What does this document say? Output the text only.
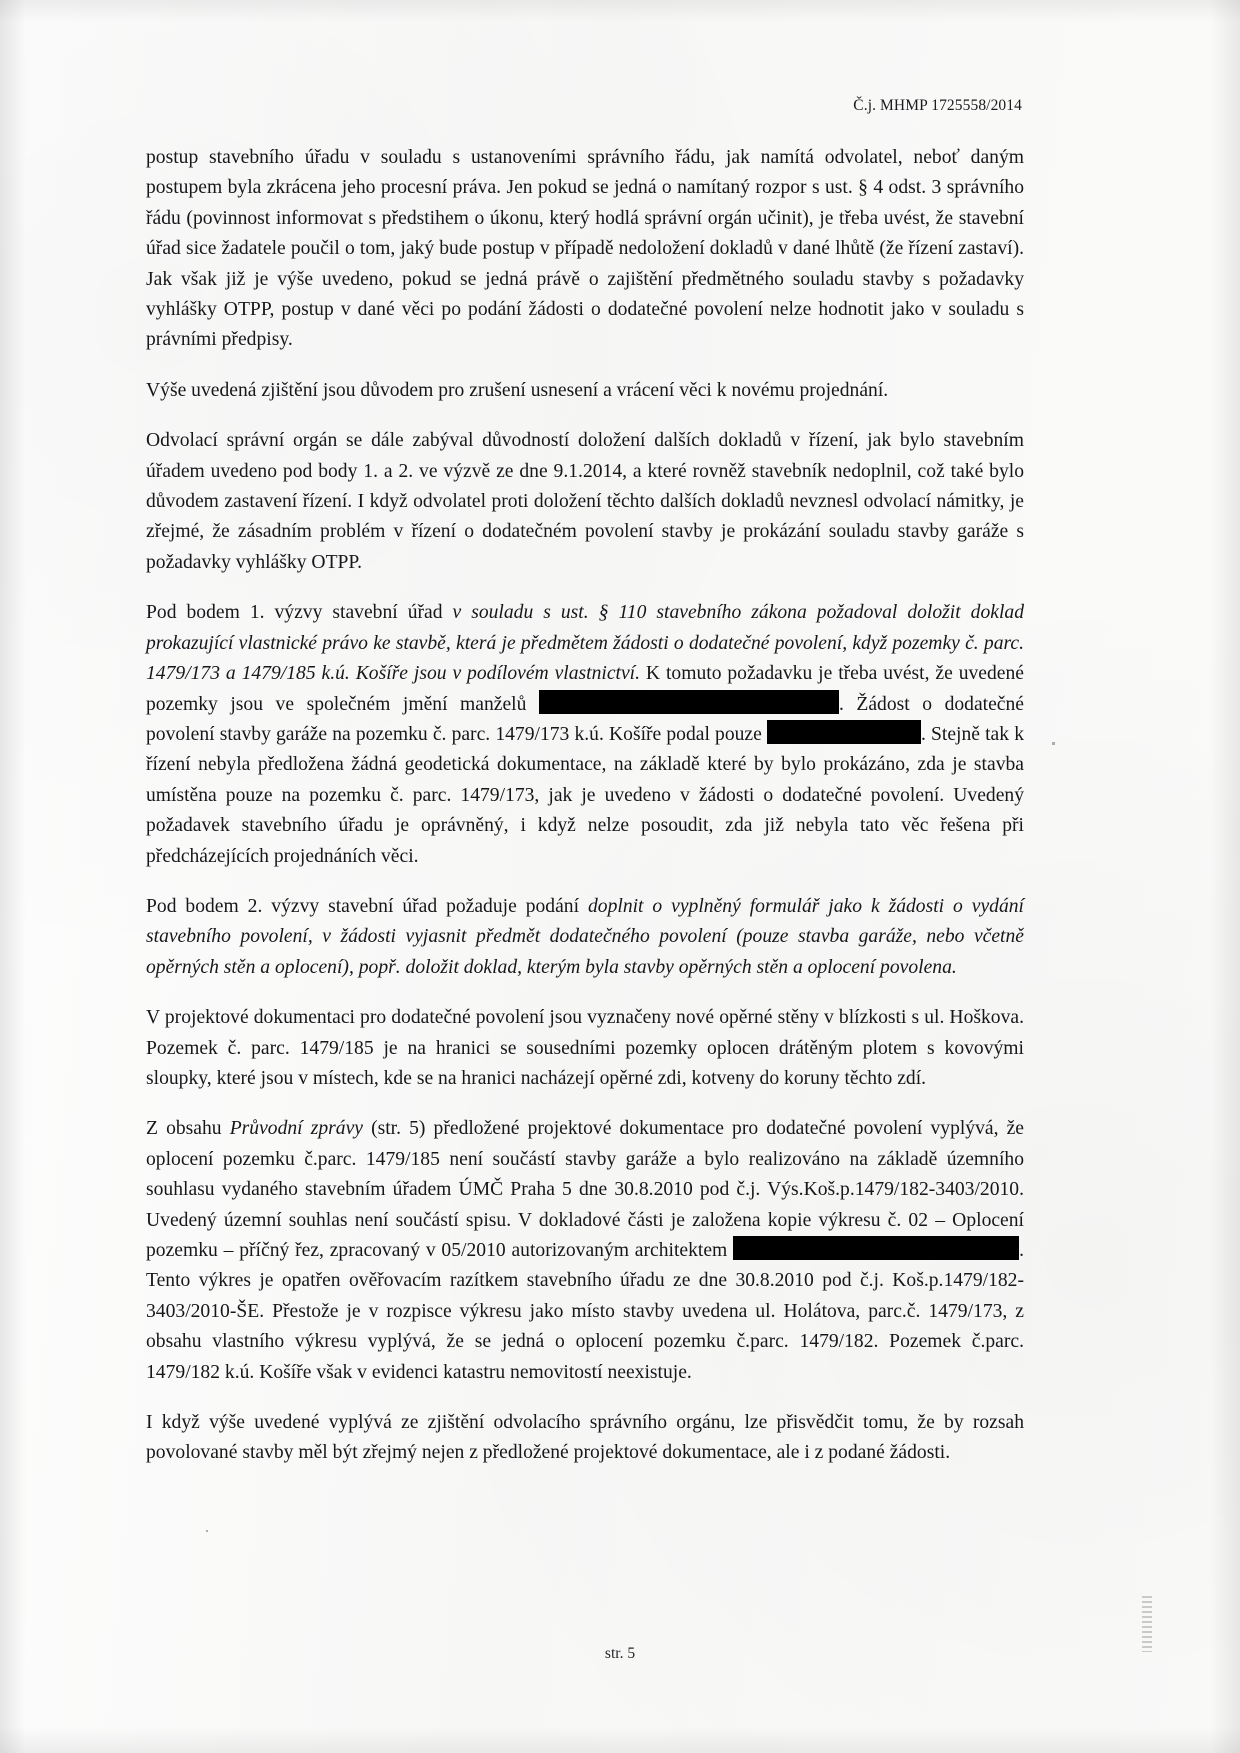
Č.j. MHMP 1725558/2014

postup stavebního úřadu v souladu s ustanoveními správního řádu, jak namítá odvolatel, neboť daným postupem byla zkrácena jeho procesní práva. Jen pokud se jedná o namítaný rozpor s ust. § 4 odst. 3 správního řádu (povinnost informovat s předstihem o úkonu, který hodlá správní orgán učinit), je třeba uvést, že stavební úřad sice žadatele poučil o tom, jaký bude postup v případě nedoložení dokladů v dané lhůtě (že řízení zastaví). Jak však již je výše uvedeno, pokud se jedná právě o zajištění předmětného souladu stavby s požadavky vyhlášky OTPP, postup v dané věci po podání žádosti o dodatečné povolení nelze hodnotit jako v souladu s právními předpisy.

Výše uvedená zjištění jsou důvodem pro zrušení usnesení a vrácení věci k novému projednání.

Odvolací správní orgán se dále zabýval důvodností doložení dalších dokladů v řízení, jak bylo stavebním úřadem uvedeno pod body 1. a 2. ve výzvě ze dne 9.1.2014, a které rovněž stavebník nedoplnil, což také bylo důvodem zastavení řízení. I když odvolatel proti doložení těchto dalších dokladů nevznesl odvolací námitky, je zřejmé, že zásadním problém v řízení o dodatečném povolení stavby je prokázání souladu stavby garáže s požadavky vyhlášky OTPP.

Pod bodem 1. výzvy stavební úřad v souladu s ust. § 110 stavebního zákona požadoval doložit doklad prokazující vlastnické právo ke stavbě, která je předmětem žádosti o dodatečné povolení, když pozemky č. parc. 1479/173 a 1479/185 k.ú. Košíře jsou v podílovém vlastnictví. K tomuto požadavku je třeba uvést, že uvedené pozemky jsou ve společném jmění manželů	. Žádost o dodatečné povolení stavby garáže na pozemku č. parc. 1479/173 k.ú. Košíře podal pouze	. Stejně tak k řízení nebyla předložena žádná geodetická dokumentace, na základě které by bylo prokázáno, zda je stavba umístěna pouze na pozemku č. parc. 1479/173, jak je uvedeno v žádosti o dodatečné povolení. Uvedený požadavek stavebního úřadu je oprávněný, i když nelze posoudit, zda již nebyla tato věc řešena při předcházejících projednáních věci.

Pod bodem 2. výzvy stavební úřad požaduje podání doplnit o vyplněný formulář jako k žádosti o vydání stavebního povolení, v žádosti vyjasnit předmět dodatečného povolení (pouze stavba garáže, nebo včetně opěrných stěn a oplocení), popř. doložit doklad, kterým byla stavby opěrných stěn a oplocení povolena.

V projektové dokumentaci pro dodatečné povolení jsou vyznačeny nové opěrné stěny v blízkosti s ul. Hoškova. Pozemek č. parc. 1479/185 je na hranici se sousedními pozemky oplocen drátěným plotem s kovovými sloupky, které jsou v místech, kde se na hranici nacházejí opěrné zdi, kotveny do koruny těchto zdí.

Z obsahu Průvodní zprávy (str. 5) předložené projektové dokumentace pro dodatečné povolení vyplývá, že oplocení pozemku č.parc. 1479/185 není součástí stavby garáže a bylo realizováno na základě územního souhlasu vydaného stavebním úřadem ÚMČ Praha 5 dne 30.8.2010 pod č.j. Výs.Koš.p.1479/182-3403/2010. Uvedený územní souhlas není součástí spisu. V dokladové části je založena kopie výkresu č. 02 – Oplocení pozemku – příčný řez, zpracovaný v 05/2010 autorizovaným architektem	. Tento výkres je opatřen ověřovacím razítkem stavebního úřadu ze dne 30.8.2010 pod č.j. Koš.p.1479/182-3403/2010-ŠE. Přestože je v rozpisce výkresu jako místo stavby uvedena ul. Holátova, parc.č. 1479/173, z obsahu vlastního výkresu vyplývá, že se jedná o oplocení pozemku č.parc. 1479/182. Pozemek č.parc. 1479/182 k.ú. Košíře však v evidenci katastru nemovitostí neexistuje.

I když výše uvedené vyplývá ze zjištění odvolacího správního orgánu, lze přisvědčit tomu, že by rozsah povolované stavby měl být zřejmý nejen z předložené projektové dokumentace, ale i z podané žádosti.

str. 5
